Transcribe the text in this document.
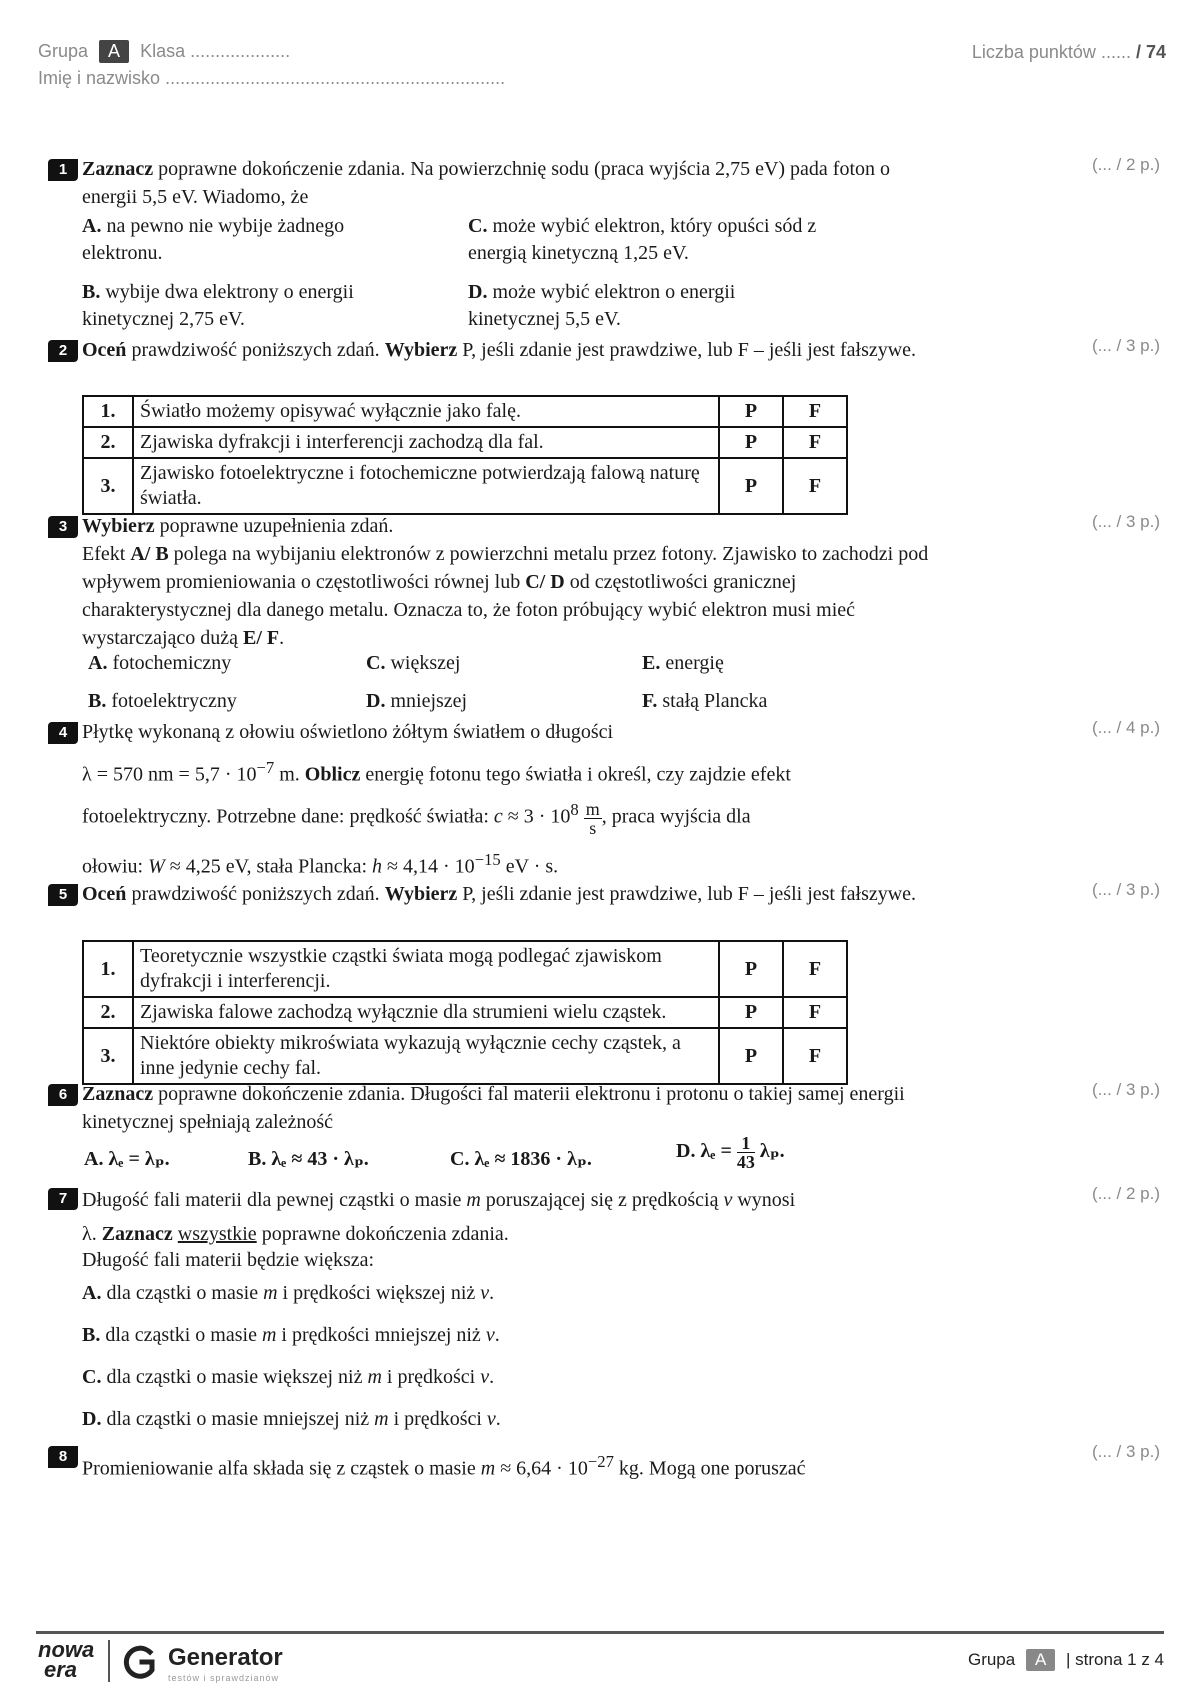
Grupa A Klasa ....................
Imię i nazwisko ....................................................................
Liczba punktów ...... / 74
1	(... / 2 p.)
Zaznacz poprawne dokończenie zdania. Na powierzchnię sodu (praca wyjścia 2,75 eV) pada foton o energii 5,5 eV. Wiadomo, że
A. na pewno nie wybije żadnego elektronu.
C. może wybić elektron, który opuści sód z energią kinetyczną 1,25 eV.
B. wybije dwa elektrony o energii kinetycznej 2,75 eV.
D. może wybić elektron o energii kinetycznej 5,5 eV.
2	(... / 3 p.)
Oceń prawdziwość poniższych zdań. Wybierz P, jeśli zdanie jest prawdziwe, lub F – jeśli jest fałszywe.
1.	Światło możemy opisywać wyłącznie jako falę.	P	F
2.	Zjawiska dyfrakcji i interferencji zachodzą dla fal.	P	F
3.	Zjawisko fotoelektryczne i fotochemiczne potwierdzają falową naturę światła.	P	F
3	(... / 3 p.)
Wybierz poprawne uzupełnienia zdań.
Efekt A/ B polega na wybijaniu elektronów z powierzchni metalu przez fotony. Zjawisko to zachodzi pod wpływem promieniowania o częstotliwości równej lub C/ D od częstotliwości granicznej charakterystycznej dla danego metalu. Oznacza to, że foton próbujący wybić elektron musi mieć wystarczająco dużą E/ F.
A. fotochemiczny	C. większej	E. energię
B. fotoelektryczny	D. mniejszej	F. stałą Plancka
4	(... / 4 p.)
Płytkę wykonaną z ołowiu oświetlono żółtym światłem o długości
λ = 570 nm = $5,7 \cdot 10^{-7}$ m. Oblicz energię fotonu tego światła i określ, czy zajdzie efekt
fotoelektryczny. Potrzebne dane: prędkość światła: $c \approx 3 \cdot 10^8 \frac{m}{s}$ , praca wyjścia dla
ołowiu: W ≈ 4,25 eV, stała Plancka: $h \approx 4,14 \cdot 10^{-15}$ eV · s.
5	(... / 3 p.)
Oceń prawdziwość poniższych zdań. Wybierz P, jeśli zdanie jest prawdziwe, lub F – jeśli jest fałszywe.
1.	Teoretycznie wszystkie cząstki świata mogą podlegać zjawiskom dyfrakcji i interferencji.	P	F
2.	Zjawiska falowe zachodzą wyłącznie dla strumieni wielu cząstek.	P	F
3.	Niektóre obiekty mikroświata wykazują wyłącznie cechy cząstek, a inne jedynie cechy fal.	P	F
6	(... / 3 p.)
Zaznacz poprawne dokończenie zdania. Długości fal materii elektronu i protonu o takiej samej energii kinetycznej spełniają zależność
A. λₑ = λₚ.	B. λₑ ≈ 43 · λₚ.	C. λₑ ≈ 1836 · λₚ.	D. $\lambda_e = \frac{1}{43} \lambda_p$.
7	(... / 2 p.)
Długość fali materii dla pewnej cząstki o masie m poruszającej się z prędkością v wynosi
λ. Zaznacz wszystkie poprawne dokończenia zdania.
Długość fali materii będzie większa:
A. dla cząstki o masie m i prędkości większej niż v.
B. dla cząstki o masie m i prędkości mniejszej niż v.
C. dla cząstki o masie większej niż m i prędkości v.
D. dla cząstki o masie mniejszej niż m i prędkości v.
8	(... / 3 p.)
Promieniowanie alfa składa się z cząstek o masie $m \approx 6,64 \cdot 10^{-27}$ kg. Mogą one poruszać
nowa
era	Generator
testów i sprawdzianów
Grupa A | strona 1 z 4
